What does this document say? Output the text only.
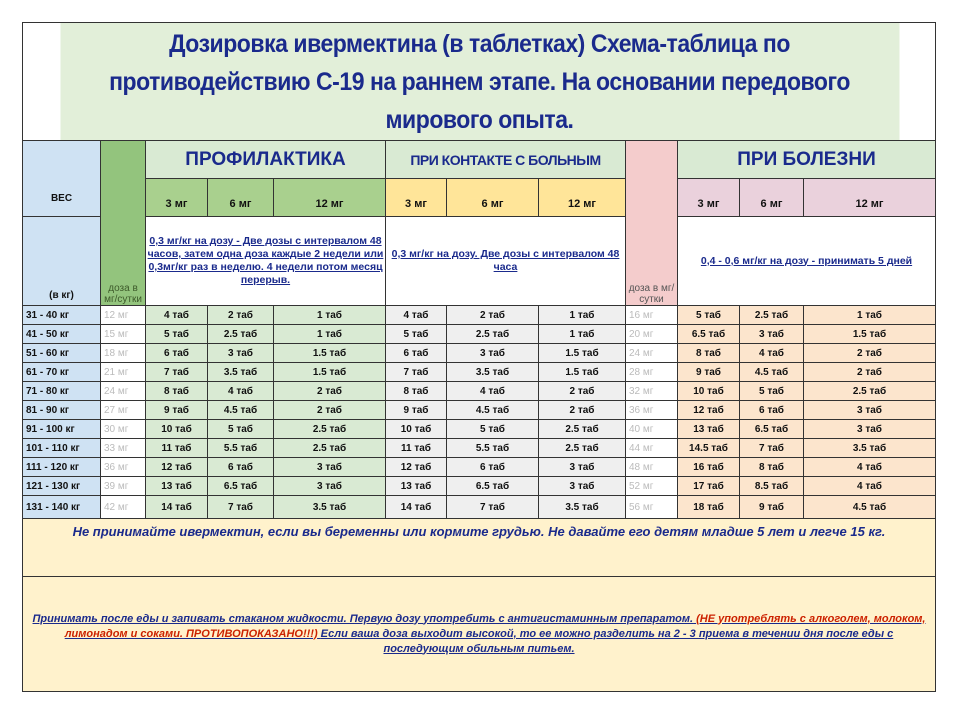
Дозировка ивермектина (в таблетках) Схема-таблица по противодействию С-19 на раннем этапе. На основании передового мирового опыта.											

ВЕС	доза в мг/сутки	ПРОФИЛАКТИКА			ПРИ КОНТАКТЕ С БОЛЬНЫМ			доза в мг/сутки	ПРИ БОЛЕЗНИ		
		3 мг	6 мг	12 мг	3 мг	6 мг	12 мг		3 мг	6 мг	12 мг
(в кг)		0,3 мг/кг на дозу - Две дозы с интервалом 48 часов, затем одна доза каждые 2 недели или 0,3мг/кг раз в неделю. 4 недели потом месяц перерыв.			0,3 мг/кг на дозу. Две дозы с интервалом 48 часа				0,4 - 0,6 мг/кг на дозу - принимать 5 дней		
31 - 40 кг	12 мг	4 таб	2 таб	1 таб	4 таб	2 таб	1 таб	16 мг	5 таб	2.5 таб	1 таб
41 - 50 кг	15 мг	5 таб	2.5 таб	1 таб	5 таб	2.5 таб	1 таб	20 мг	6.5 таб	3 таб	1.5 таб
51 - 60 кг	18 мг	6 таб	3 таб	1.5 таб	6 таб	3 таб	1.5 таб	24 мг	8 таб	4 таб	2 таб
61 - 70 кг	21 мг	7 таб	3.5 таб	1.5 таб	7 таб	3.5 таб	1.5 таб	28 мг	9 таб	4.5 таб	2 таб
71 - 80 кг	24 мг	8 таб	4 таб	2 таб	8 таб	4 таб	2 таб	32 мг	10 таб	5 таб	2.5 таб
81 - 90 кг	27 мг	9 таб	4.5 таб	2 таб	9 таб	4.5 таб	2 таб	36 мг	12 таб	6 таб	3 таб
91 - 100 кг	30 мг	10 таб	5 таб	2.5 таб	10 таб	5 таб	2.5 таб	40 мг	13 таб	6.5 таб	3 таб
101 - 110 кг	33 мг	11 таб	5.5 таб	2.5 таб	11 таб	5.5 таб	2.5 таб	44 мг	14.5 таб	7 таб	3.5 таб
111 - 120 кг	36 мг	12 таб	6 таб	3 таб	12 таб	6 таб	3 таб	48 мг	16 таб	8 таб	4 таб
121 - 130 кг	39 мг	13 таб	6.5 таб	3 таб	13 таб	6.5 таб	3 таб	52 мг	17 таб	8.5 таб	4 таб
131 - 140 кг	42 мг	14 таб	7 таб	3.5 таб	14 таб	7 таб	3.5 таб	56 мг	18 таб	9 таб	4.5 таб
Не принимайте ивермектин, если вы беременны или кормите грудью. Не давайте его детям младше 5 лет и легче 15 кг.											
Принимать после еды и запивать стаканом жидкости. Первую дозу употребить с антигистаминным препаратом. (НЕ употреблять с алкоголем, молоком, лимонадом и соками. ПРОТИВОПОКАЗАНО!!!) Если ваша доза выходит высокой, то ее можно разделить на 2 - 3 приема в течении дня после еды с последующим обильным питьем.											
